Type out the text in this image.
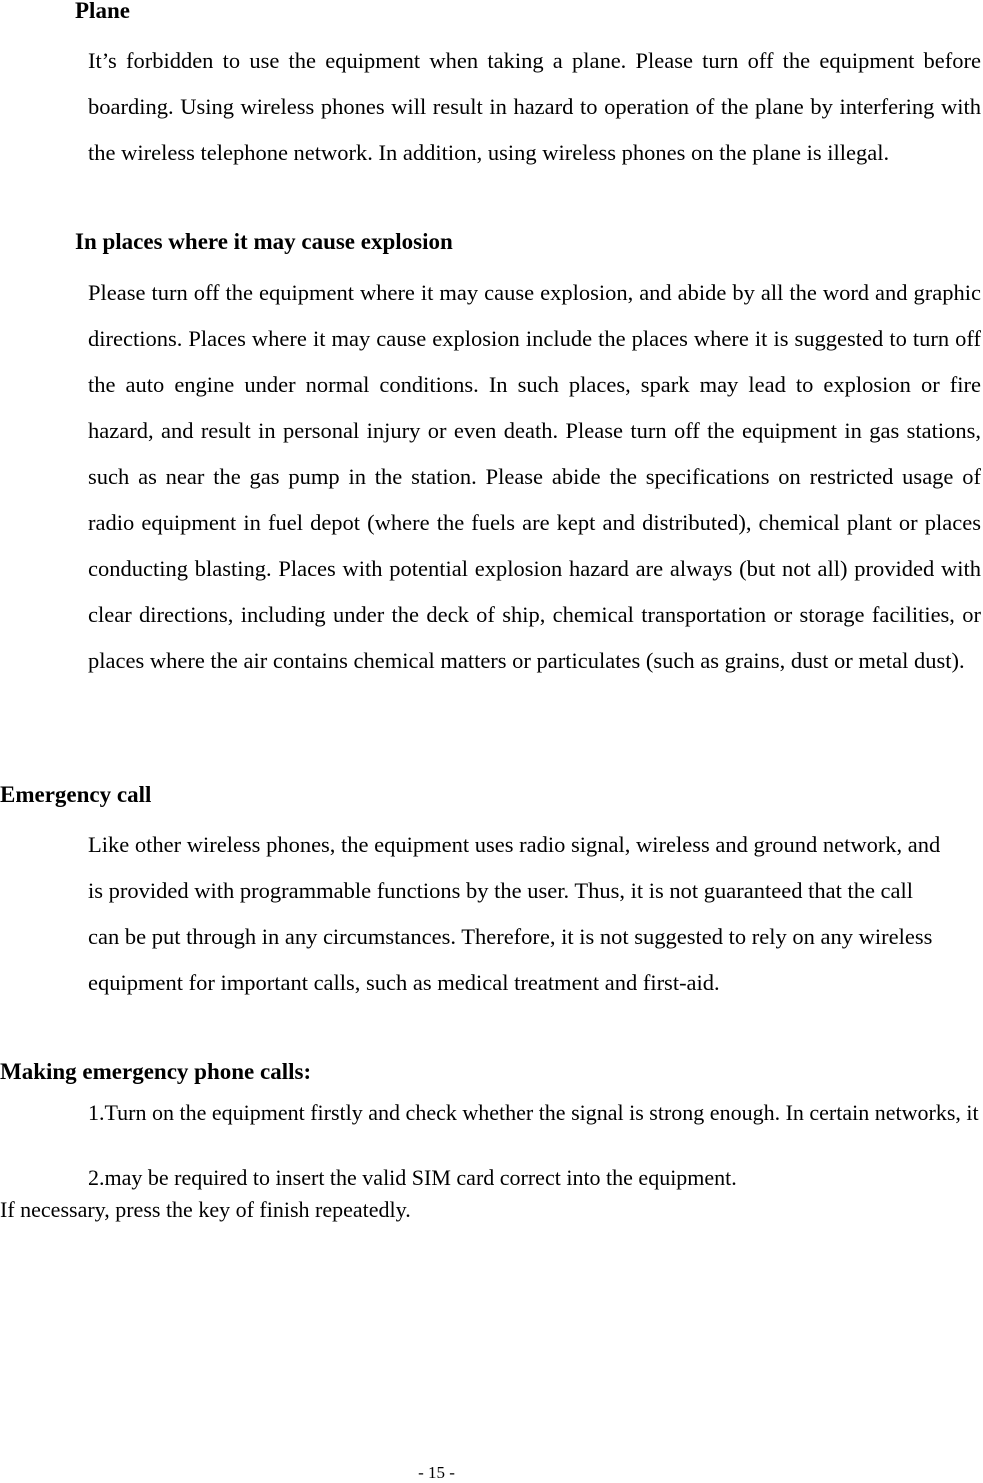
Plane
It’s forbidden to use the equipment when taking a plane. Please turn off the equipment before boarding. Using wireless phones will result in hazard to operation of the plane by interfering with the wireless telephone network. In addition, using wireless phones on the plane is illegal.
In places where it may cause explosion
Please turn off the equipment where it may cause explosion, and abide by all the word and graphic directions. Places where it may cause explosion include the places where it is suggested to turn off the auto engine under normal conditions. In such places, spark may lead to explosion or fire hazard, and result in personal injury or even death. Please turn off the equipment in gas stations, such as near the gas pump in the station. Please abide the specifications on restricted usage of radio equipment in fuel depot (where the fuels are kept and distributed), chemical plant or places conducting blasting. Places with potential explosion hazard are always (but not all) provided with clear directions, including under the deck of ship, chemical transportation or storage facilities, or places where the air contains chemical matters or particulates (such as grains, dust or metal dust).
Emergency call
Like other wireless phones, the equipment uses radio signal, wireless and ground network, and is provided with programmable functions by the user. Thus, it is not guaranteed that the call can be put through in any circumstances. Therefore, it is not suggested to rely on any wireless equipment for important calls, such as medical treatment and first-aid.
Making emergency phone calls:
1.Turn on the equipment firstly and check whether the signal is strong enough. In certain networks, it
2.may be required to insert the valid SIM card correct into the equipment.
If necessary, press the key of finish repeatedly.
- 15 -
